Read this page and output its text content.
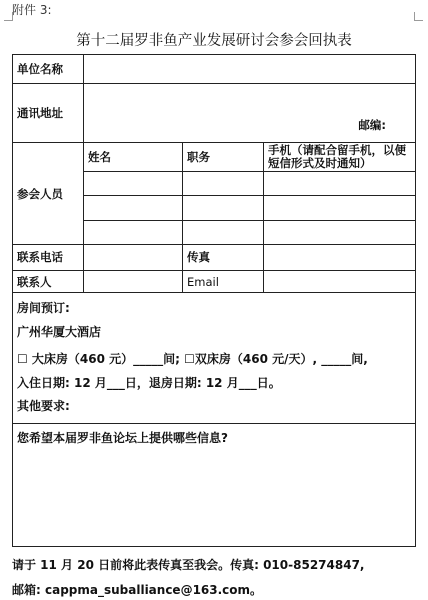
附件 3:
第十二届罗非鱼产业发展研讨会参会回执表
单位名称			
通讯地址	邮编:		

参会人员	姓名	职务	手机（请配合留手机，以便短信形式及时通知）

联系电话		传真	
联系人		Email	

房间预订:
广州华厦大酒店
☐ 大床房（460 元）_____间; ☐双床房（460 元/天）, _____间,
入住日期: 12 月___日，退房日期: 12 月___日。
其他要求:			

您希望本届罗非鱼论坛上提供哪些信息?			
请于 11 月 20 日前将此表传真至我会。传真: 010-85274847,
邮箱: cappma_suballiance@163.com。
